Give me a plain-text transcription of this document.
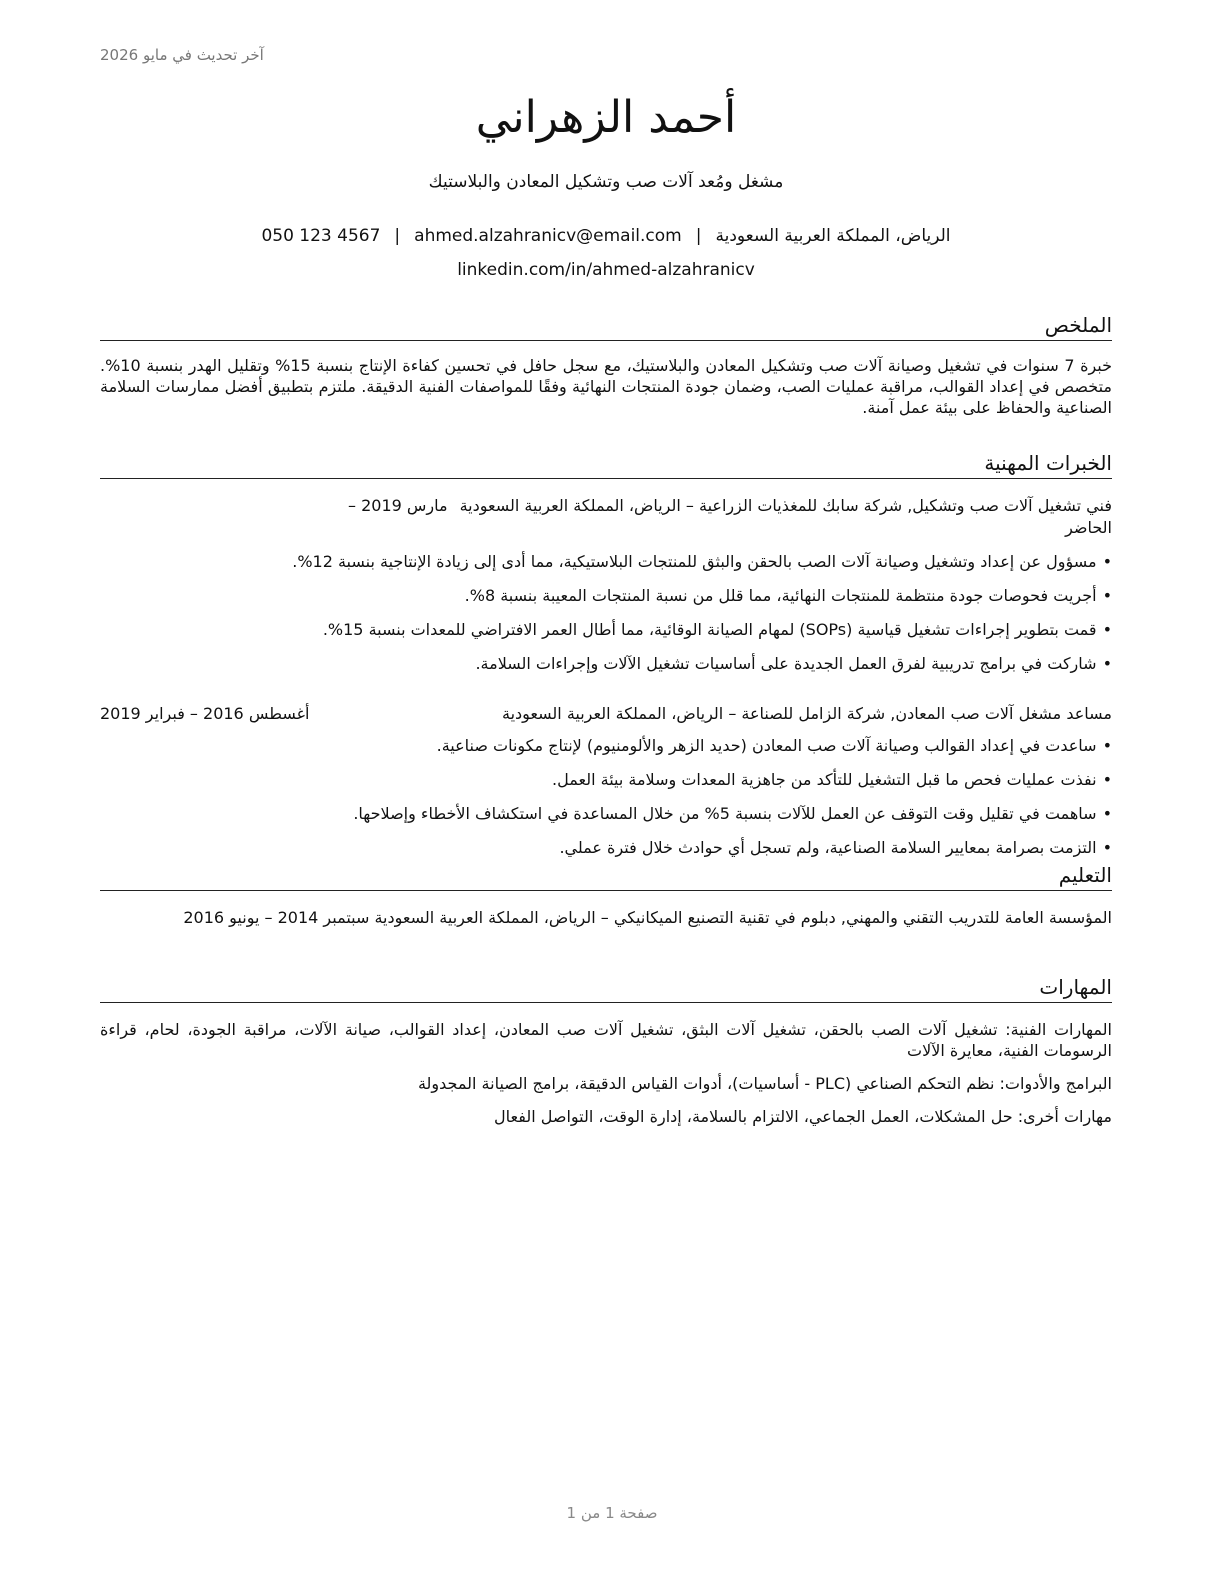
آخر تحديث في مايو 2026
أحمد الزهراني
مشغل ومُعد آلات صب وتشكيل المعادن والبلاستيك
الرياض، المملكة العربية السعودية|ahmed.alzahranicv@email.com|050 123 4567
linkedin.com/in/ahmed-alzahranicv
الملخص
خبرة 7 سنوات في تشغيل وصيانة آلات صب وتشكيل المعادن والبلاستيك، مع سجل حافل في تحسين كفاءة الإنتاج بنسبة 15% وتقليل الهدر بنسبة 10%. متخصص في إعداد القوالب، مراقبة عمليات الصب، وضمان جودة المنتجات النهائية وفقًا للمواصفات الفنية الدقيقة. ملتزم بتطبيق أفضل ممارسات السلامة الصناعية والحفاظ على بيئة عمل آمنة.
الخبرات المهنية
فني تشغيل آلات صب وتشكيل, شركة سابك للمغذيات الزراعية – الرياض، المملكة العربية السعوديةمارس 2019 – الحاضر
•مسؤول عن إعداد وتشغيل وصيانة آلات الصب بالحقن والبثق للمنتجات البلاستيكية، مما أدى إلى زيادة الإنتاجية بنسبة 12%.
•أجريت فحوصات جودة منتظمة للمنتجات النهائية، مما قلل من نسبة المنتجات المعيبة بنسبة 8%.
•قمت بتطوير إجراءات تشغيل قياسية (SOPs) لمهام الصيانة الوقائية، مما أطال العمر الافتراضي للمعدات بنسبة 15%.
•شاركت في برامج تدريبية لفرق العمل الجديدة على أساسيات تشغيل الآلات وإجراءات السلامة.
مساعد مشغل آلات صب المعادن, شركة الزامل للصناعة – الرياض، المملكة العربية السعودية
أغسطس 2016 – فبراير 2019
•ساعدت في إعداد القوالب وصيانة آلات صب المعادن (حديد الزهر والألومنيوم) لإنتاج مكونات صناعية.
•نفذت عمليات فحص ما قبل التشغيل للتأكد من جاهزية المعدات وسلامة بيئة العمل.
•ساهمت في تقليل وقت التوقف عن العمل للآلات بنسبة 5% من خلال المساعدة في استكشاف الأخطاء وإصلاحها.
•التزمت بصرامة بمعايير السلامة الصناعية، ولم تسجل أي حوادث خلال فترة عملي.
التعليم
المؤسسة العامة للتدريب التقني والمهني, دبلوم في تقنية التصنيع الميكانيكي – الرياض، المملكة العربية السعودية سبتمبر 2014 – يونيو 2016
المهارات
المهارات الفنية: تشغيل آلات الصب بالحقن، تشغيل آلات البثق، تشغيل آلات صب المعادن، إعداد القوالب، صيانة الآلات، مراقبة الجودة، لحام، قراءة الرسومات الفنية، معايرة الآلات
البرامج والأدوات: نظم التحكم الصناعي (PLC - أساسيات)، أدوات القياس الدقيقة، برامج الصيانة المجدولة
مهارات أخرى: حل المشكلات، العمل الجماعي، الالتزام بالسلامة، إدارة الوقت، التواصل الفعال
صفحة 1 من 1
